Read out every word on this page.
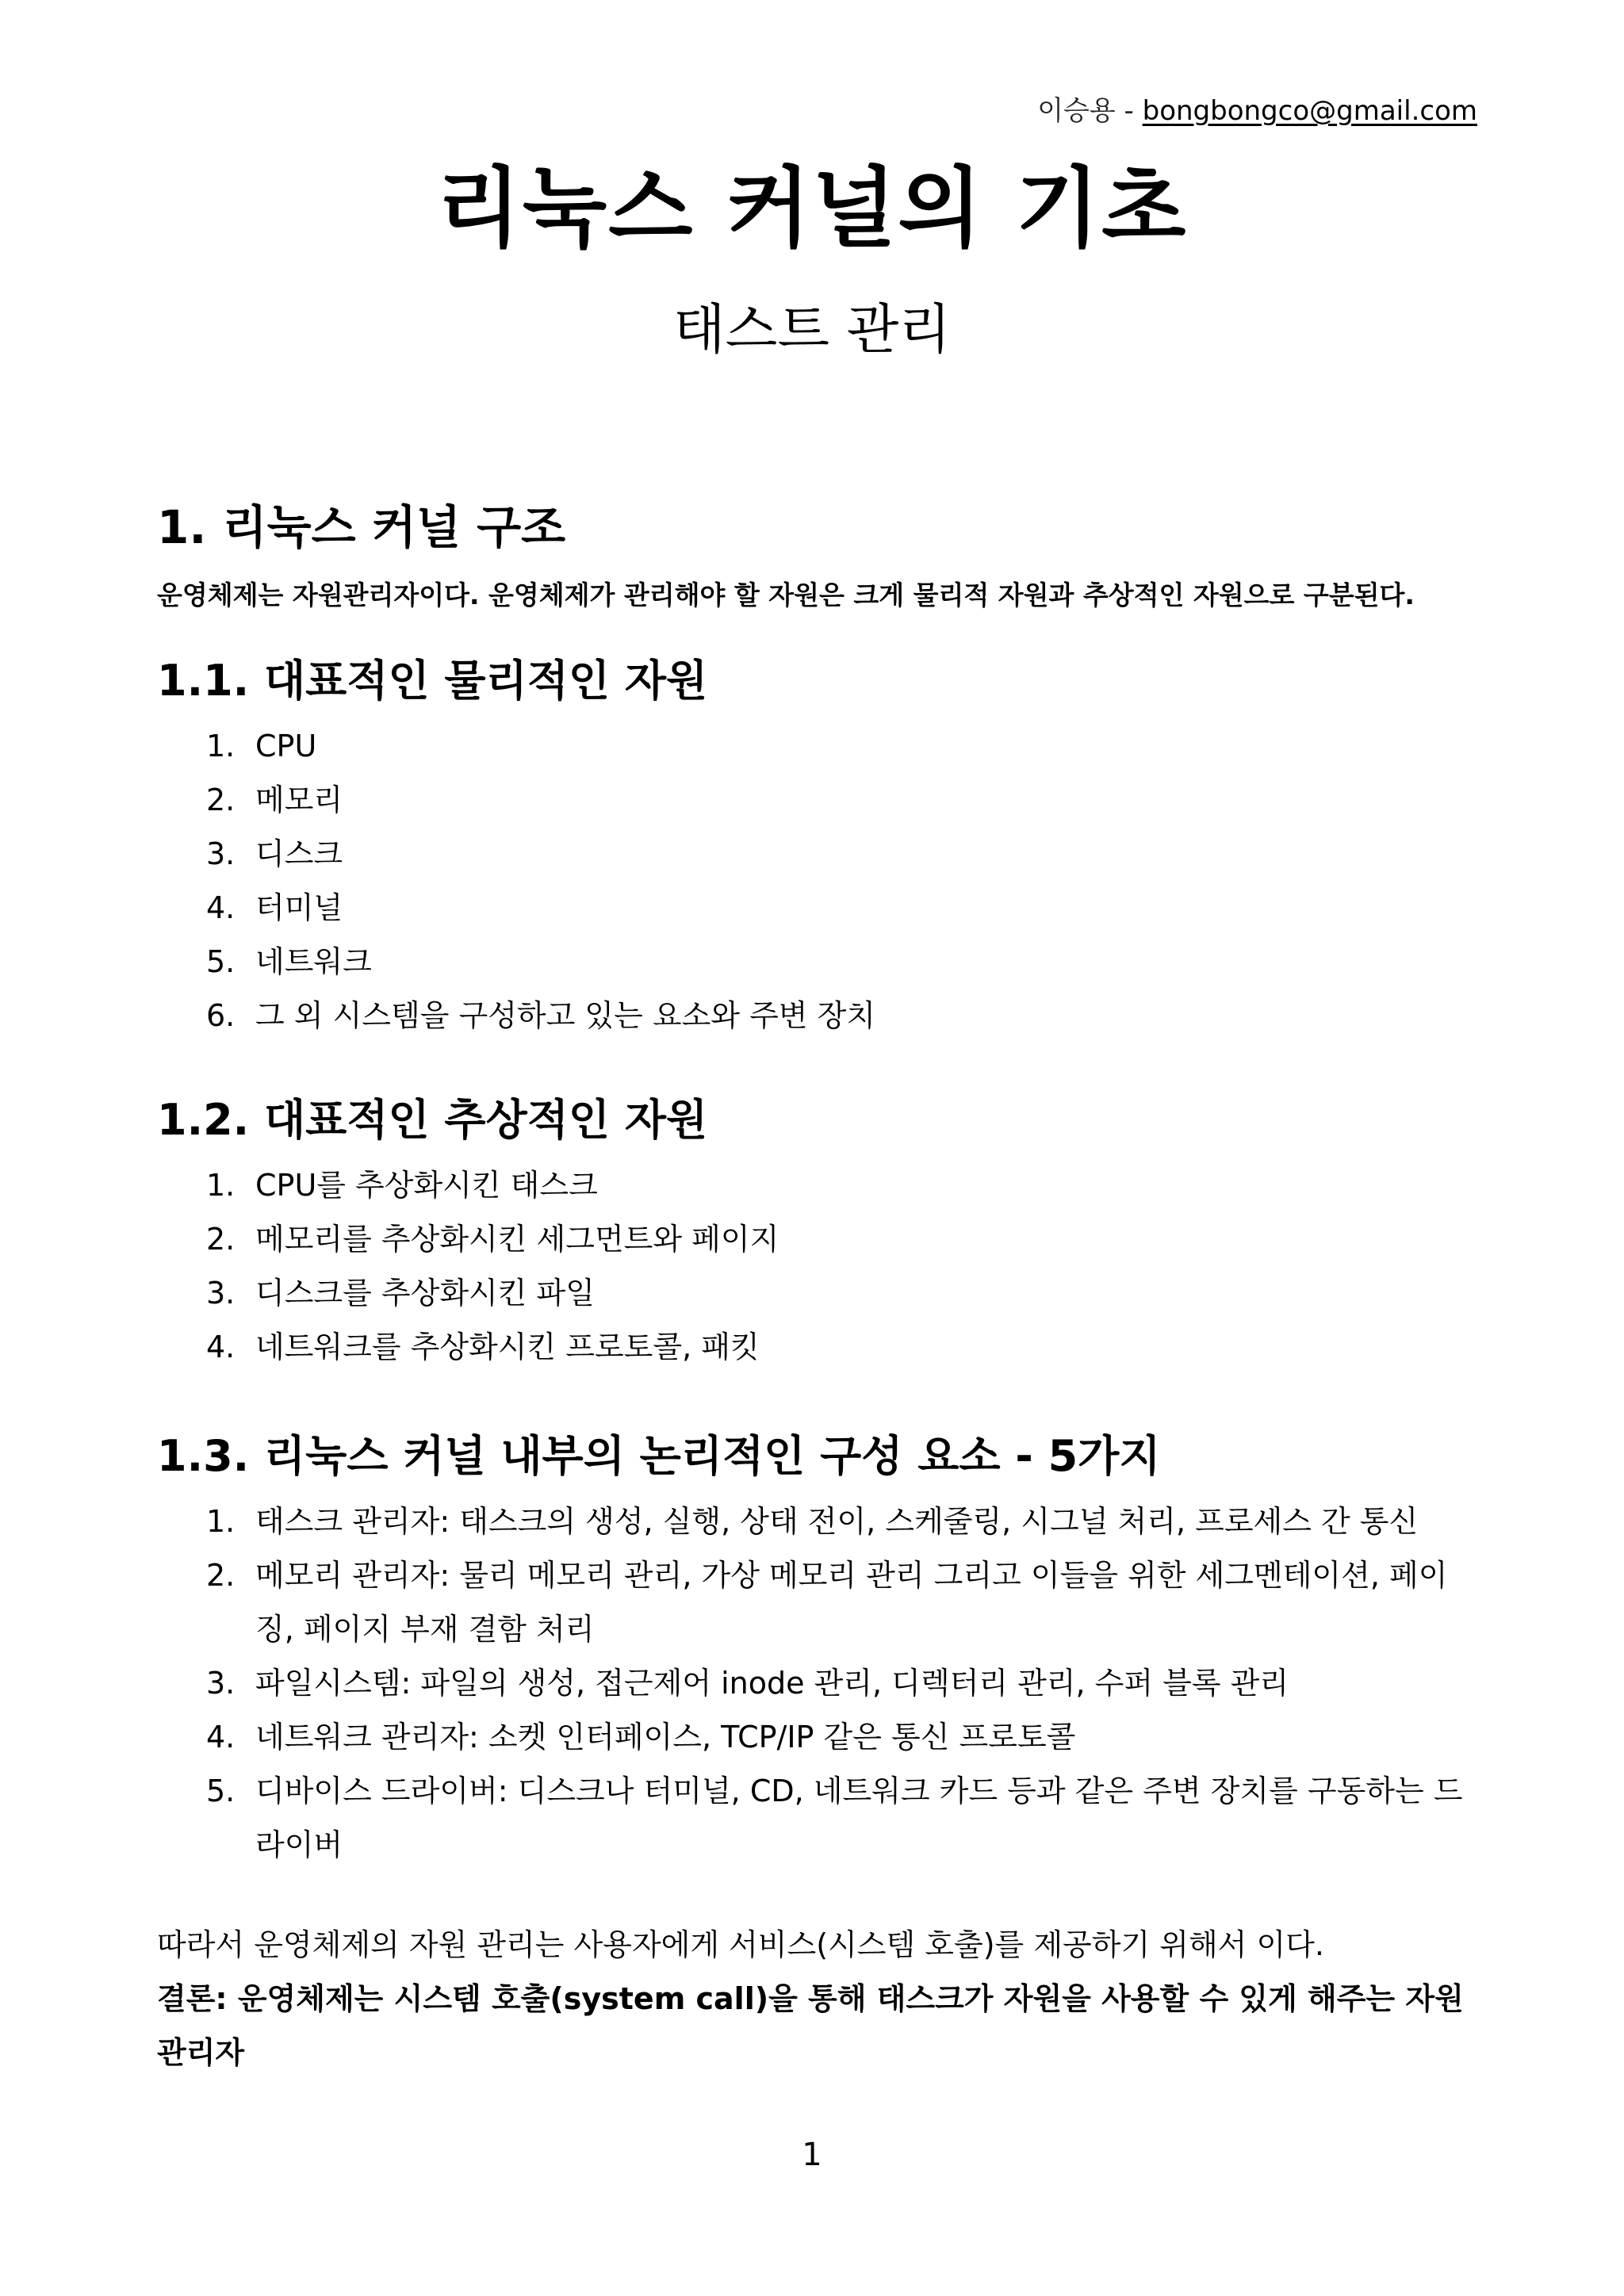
이승용 - bongbongco@gmail.com
리눅스 커널의 기초
태스트 관리
1. 리눅스 커널 구조

운영체제는 자원관리자이다. 운영체제가 관리해야 할 자원은 크게 물리적 자원과 추상적인 자원으로 구분된다.

1.1. 대표적인 물리적인 자원
1. CPU
2. 메모리
3. 디스크
4. 터미널
5. 네트워크
6. 그 외 시스템을 구성하고 있는 요소와 주변 장치
1.2. 대표적인 추상적인 자원
1. CPU를 추상화시킨 태스크
2. 메모리를 추상화시킨 세그먼트와 페이지
3. 디스크를 추상화시킨 파일
4. 네트워크를 추상화시킨 프로토콜, 패킷
1.3. 리눅스 커널 내부의 논리적인 구성 요소 - 5가지
1. 태스크 관리자: 태스크의 생성, 실행, 상태 전이, 스케줄링, 시그널 처리, 프로세스 간 통신
2. 메모리 관리자: 물리 메모리 관리, 가상 메모리 관리 그리고 이들을 위한 세그멘테이션, 페이징, 페이지 부재 결함 처리
3. 파일시스템: 파일의 생성, 접근제어 inode 관리, 디렉터리 관리, 수퍼 블록 관리
4. 네트워크 관리자: 소켓 인터페이스, TCP/IP 같은 통신 프로토콜
5. 디바이스 드라이버: 디스크나 터미널, CD, 네트워크 카드 등과 같은 주변 장치를 구동하는 드라이버

따라서 운영체제의 자원 관리는 사용자에게 서비스(시스템 호출)를 제공하기 위해서 이다.

결론: 운영체제는 시스템 호출(system call)을 통해 태스크가 자원을 사용할 수 있게 해주는 자원 관리자

1
